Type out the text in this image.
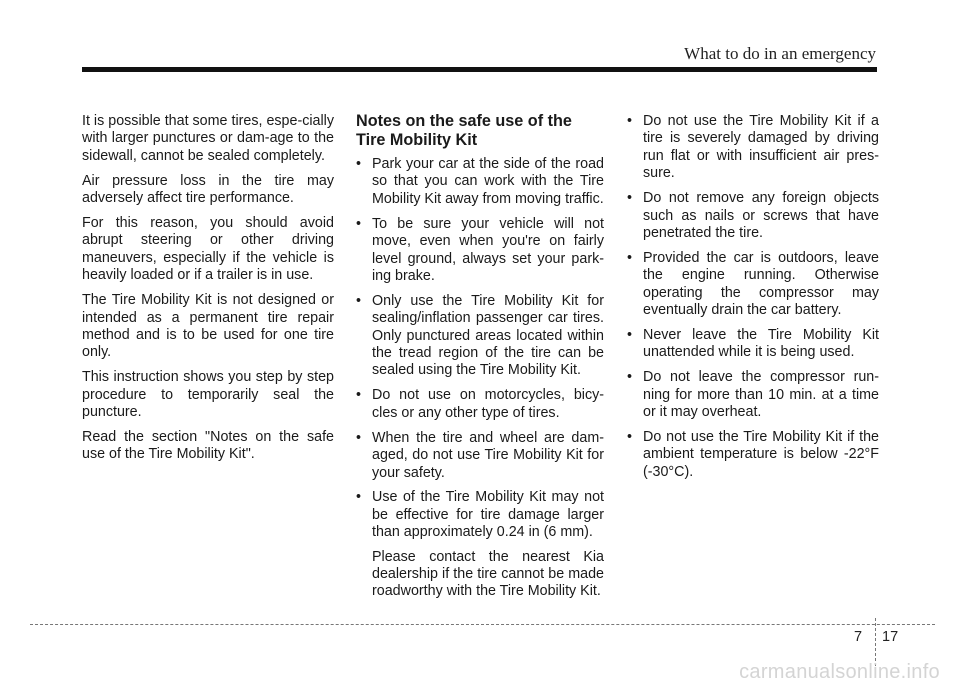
What to do in an emergency

It is possible that some tires, espe-cially with larger punctures or dam-age to the sidewall, cannot be sealed completely.

Air pressure loss in the tire may adversely affect tire performance.

For this reason, you should avoid abrupt steering or other driving maneuvers, especially if the vehicle is heavily loaded or if a trailer is in use.

The Tire Mobility Kit is not designed or intended as a permanent tire repair method and is to be used for one tire only.

This instruction shows you step by step procedure to temporarily seal the puncture.

Read the section "Notes on the safe use of the Tire Mobility Kit".

Notes on the safe use of the Tire Mobility Kit
• Park your car at the side of the road so that you can work with the Tire Mobility Kit away from moving traffic.
• To be sure your vehicle will not move, even when you're on fairly level ground, always set your park-ing brake.
• Only use the Tire Mobility Kit for sealing/inflation passenger car tires. Only punctured areas located within the tread region of the tire can be sealed using the Tire Mobility Kit.
• Do not use on motorcycles, bicy-cles or any other type of tires.
• When the tire and wheel are dam-aged, do not use Tire Mobility Kit for your safety.
• Use of the Tire Mobility Kit may not be effective for tire damage larger than approximately 0.24 in (6 mm).

Please contact the nearest Kia dealership if the tire cannot be made roadworthy with the Tire Mobility Kit.

• Do not use the Tire Mobility Kit if a tire is severely damaged by driving run flat or with insufficient air pres-sure.
• Do not remove any foreign objects such as nails or screws that have penetrated the tire.
• Provided the car is outdoors, leave the engine running. Otherwise operating the compressor may eventually drain the car battery.
• Never leave the Tire Mobility Kit unattended while it is being used.
• Do not leave the compressor run-ning for more than 10 min. at a time or it may overheat.
• Do not use the Tire Mobility Kit if the ambient temperature is below -22°F (-30°C).
7 17
carmanualsonline.info
